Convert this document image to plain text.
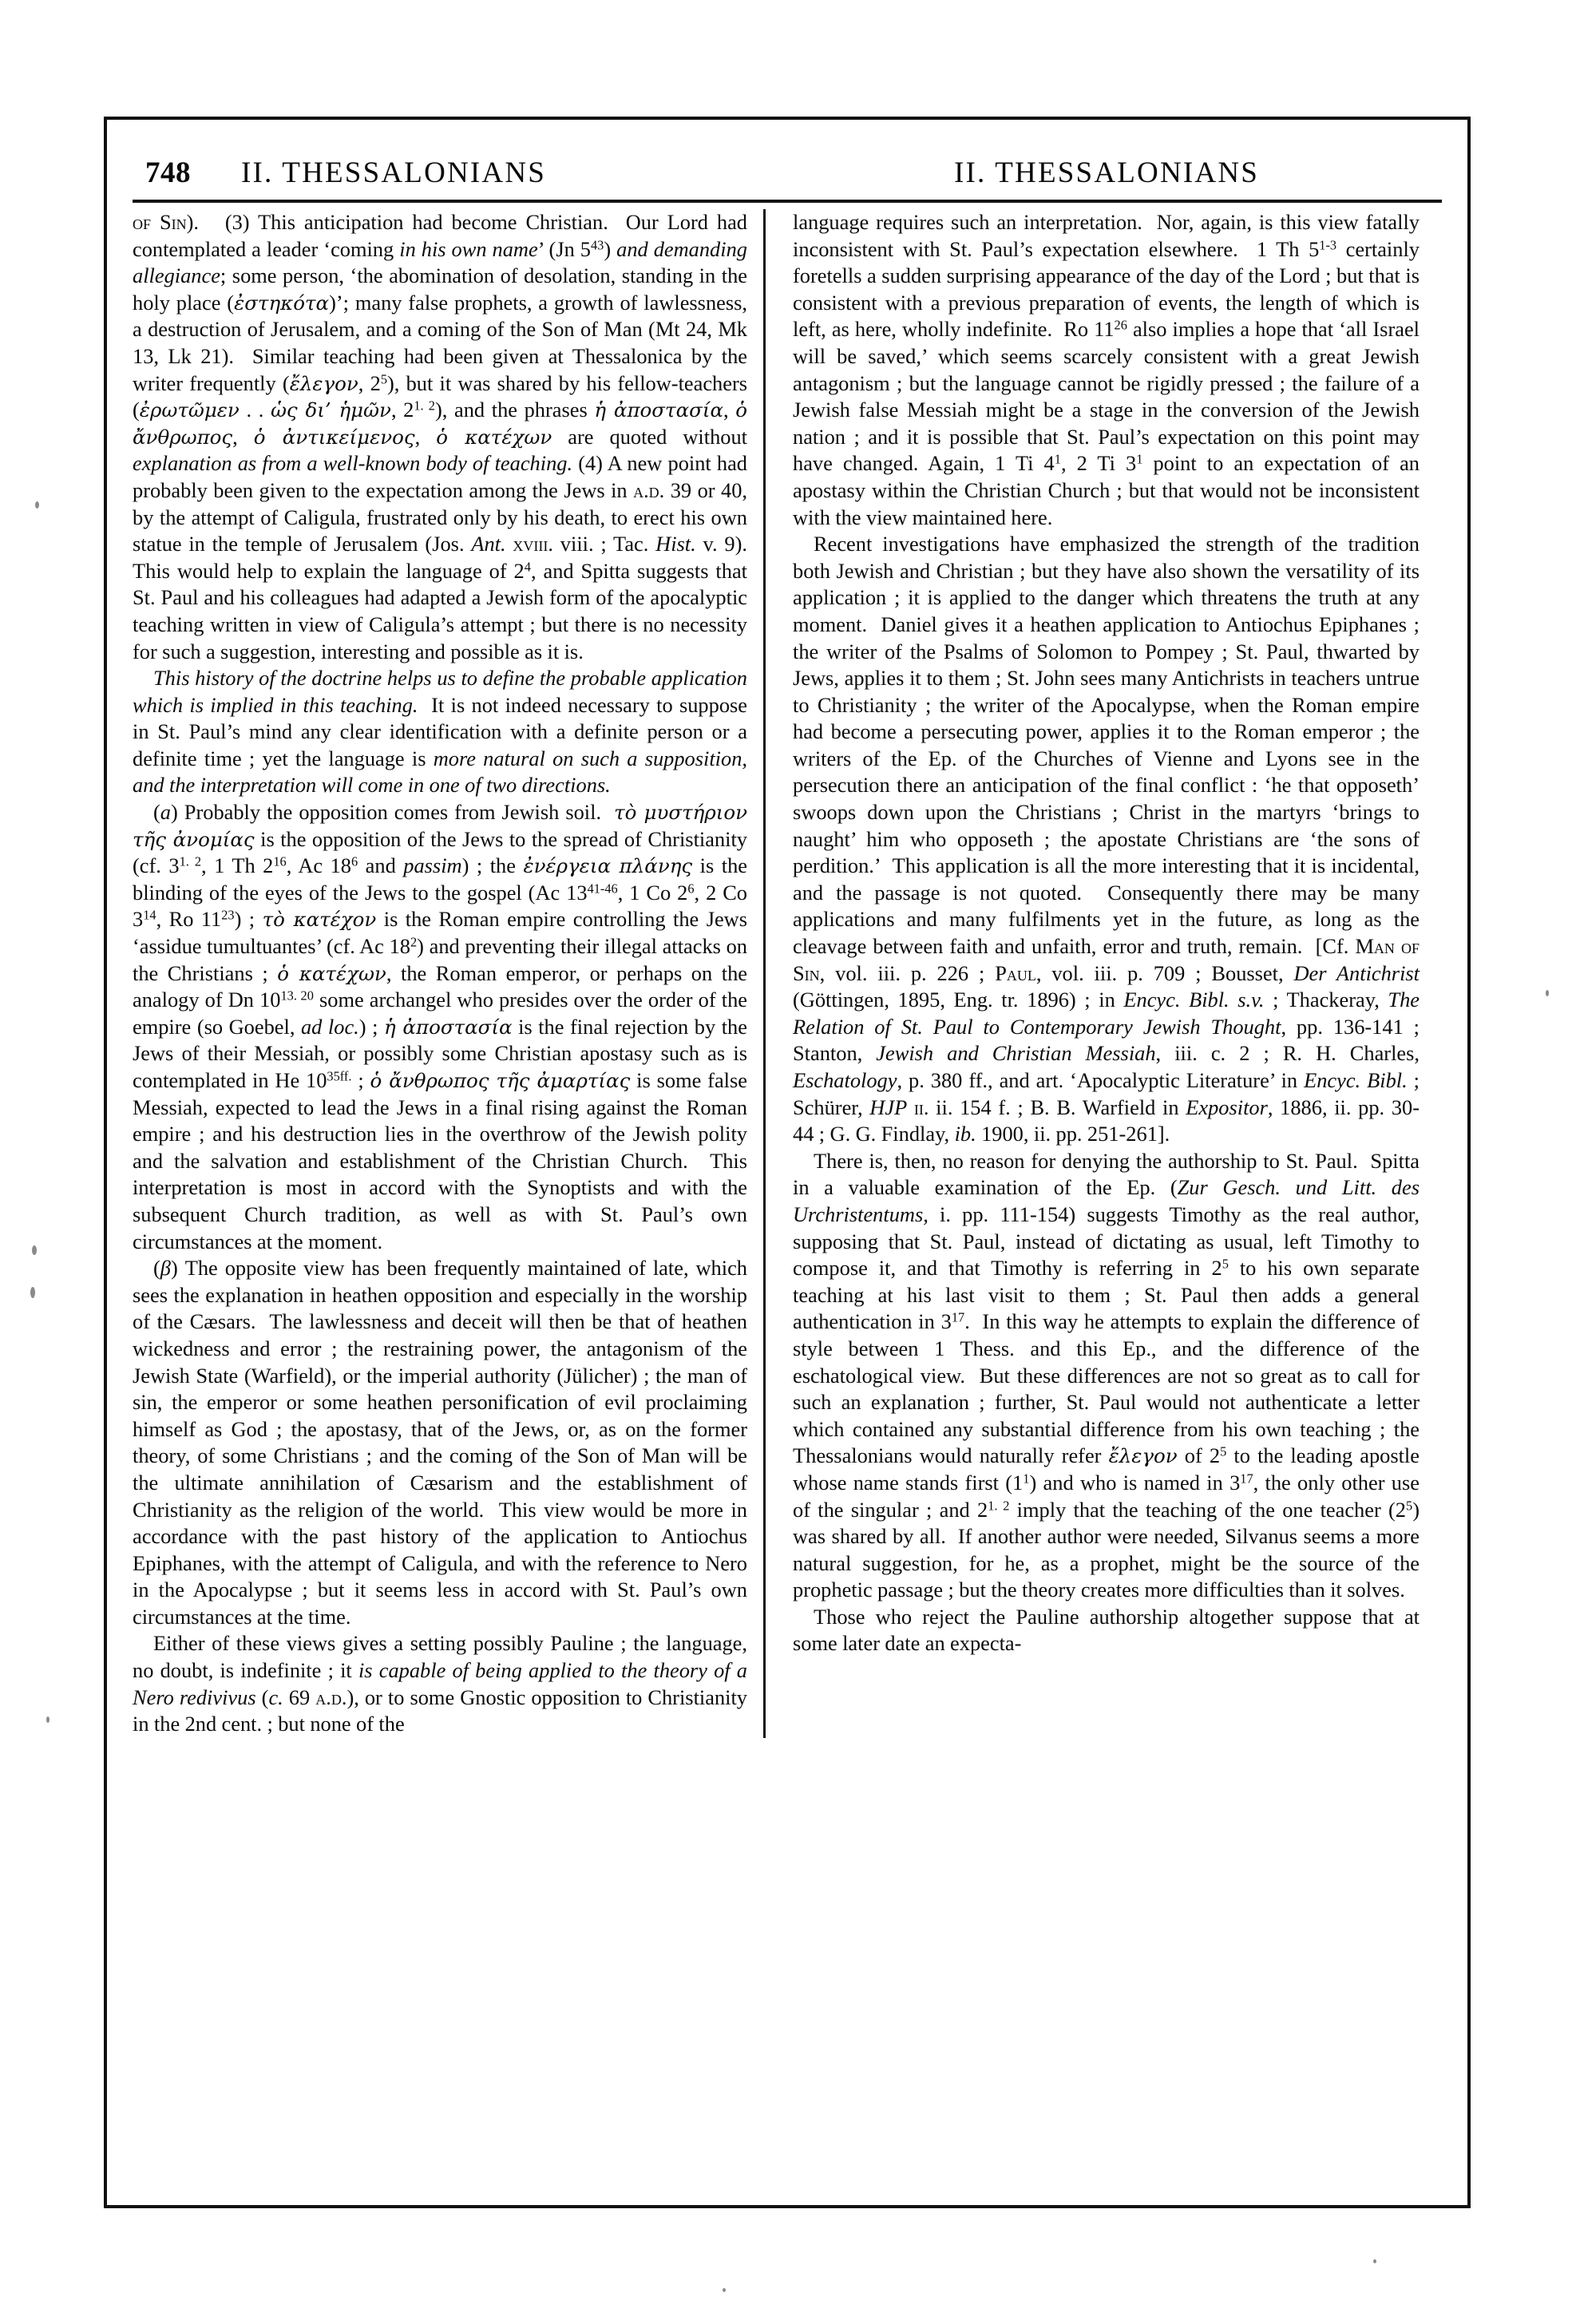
748 II. THESSALONIANS	II. THESSALONIANS

of Sin).   (3) This anticipation had become Christian.  Our Lord had contemplated a leader ‘coming in his own name’ (Jn $5^{43}$) and demanding allegiance; some person, ‘the abomination of desolation, standing in the holy place (ἐστηκότα)’; many false prophets, a growth of lawlessness, a destruction of Jerusalem, and a coming of the Son of Man (Mt 24, Mk 13, Lk 21).  Similar teaching had been given at Thessalonica by the writer frequently (ἔλεγον, $2^5$), but it was shared by his fellow-teachers (ἐρωτῶμεν . . ὡς δι’ ἡμῶν, $2^{1. 2}$), and the phrases ἡ ἀποστασία, ὁ ἄνθρωπος, ὁ ἀντικείμενος, ὁ κατέχων are quoted without explanation as from a well-known body of teaching. (4) A new point had probably been given to the expectation among the Jews in a.d. 39 or 40, by the attempt of Caligula, frustrated only by his death, to erect his own statue in the temple of Jerusalem (Jos. Ant. xviii. viii. ; Tac. Hist. v. 9). This would help to explain the language of $2^4$, and Spitta suggests that St. Paul and his colleagues had adapted a Jewish form of the apocalyptic teaching written in view of Caligula’s attempt ; but there is no necessity for such a suggestion, interesting and possible as it is.

This history of the doctrine helps us to define the probable application which is implied in this teaching.  It is not indeed necessary to suppose in St. Paul’s mind any clear identification with a definite person or a definite time ; yet the language is more natural on such a supposition, and the interpretation will come in one of two directions.

(a) Probably the opposition comes from Jewish soil.  τὸ μυστήριον τῆς ἀνομίας is the opposition of the Jews to the spread of Christianity (cf. $3^{1. 2}$, 1 Th $2^{16}$, Ac $18^6$ and passim) ; the ἐνέργεια πλάνης is the blinding of the eyes of the Jews to the gospel (Ac 13$^{41-46}$, 1 Co $2^6$, 2 Co $3^{14}$, Ro $11^{23}$) ; τὸ κατέχον is the Roman empire controlling the Jews ‘assidue tumultuantes’ (cf. Ac $18^2$) and preventing their illegal attacks on the Christians ; ὁ κατέχων, the Roman emperor, or perhaps on the analogy of Dn $10^{13. 20}$ some archangel who presides over the order of the empire (so Goebel, ad loc.) ; ἡ ἀποστασία is the final rejection by the Jews of their Messiah, or possibly some Christian apostasy such as is contemplated in He $10^{35ff.}$ ; ὁ ἄνθρωπος τῆς ἀμαρτίας is some false Messiah, expected to lead the Jews in a final rising against the Roman empire ; and his destruction lies in the overthrow of the Jewish polity and the salvation and establishment of the Christian Church.  This interpretation is most in accord with the Synoptists and with the subsequent Church tradition, as well as with St. Paul’s own circumstances at the moment.

(β) The opposite view has been frequently maintained of late, which sees the explanation in heathen opposition and especially in the worship of the Cæsars.  The lawlessness and deceit will then be that of heathen wickedness and error ; the restraining power, the antagonism of the Jewish State (Warfield), or the imperial authority (Jülicher) ; the man of sin, the emperor or some heathen personification of evil proclaiming himself as God ; the apostasy, that of the Jews, or, as on the former theory, of some Christians ; and the coming of the Son of Man will be the ultimate annihilation of Cæsarism and the establishment of Christianity as the religion of the world.  This view would be more in accordance with the past history of the application to Antiochus Epiphanes, with the attempt of Caligula, and with the reference to Nero in the Apocalypse ; but it seems less in accord with St. Paul’s own circumstances at the time.

Either of these views gives a setting possibly Pauline ; the language, no doubt, is indefinite ; it is capable of being applied to the theory of a Nero redivivus (c. 69 a.d.), or to some Gnostic opposition to Christianity in the 2nd cent. ; but none of the

language requires such an interpretation.  Nor, again, is this view fatally inconsistent with St. Paul’s expectation elsewhere.  1 Th 5$^{1-3}$ certainly foretells a sudden surprising appearance of the day of the Lord ; but that is consistent with a previous preparation of events, the length of which is left, as here, wholly indefinite.  Ro $11^{26}$ also implies a hope that ‘all Israel will be saved,’ which seems scarcely consistent with a great Jewish antagonism ; but the language cannot be rigidly pressed ; the failure of a Jewish false Messiah might be a stage in the conversion of the Jewish nation ; and it is possible that St. Paul’s expectation on this point may have changed. Again, 1 Ti $4^1$, 2 Ti $3^1$ point to an expectation of an apostasy within the Christian Church ; but that would not be inconsistent with the view maintained here.

Recent investigations have emphasized the strength of the tradition both Jewish and Christian ; but they have also shown the versatility of its application ; it is applied to the danger which threatens the truth at any moment.  Daniel gives it a heathen application to Antiochus Epiphanes ; the writer of the Psalms of Solomon to Pompey ; St. Paul, thwarted by Jews, applies it to them ; St. John sees many Antichrists in teachers untrue to Christianity ; the writer of the Apocalypse, when the Roman empire had become a persecuting power, applies it to the Roman emperor ; the writers of the Ep. of the Churches of Vienne and Lyons see in the persecution there an anticipation of the final conflict : ‘he that opposeth’ swoops down upon the Christians ; Christ in the martyrs ‘brings to naught’ him who opposeth ; the apostate Christians are ‘the sons of perdition.’  This application is all the more interesting that it is incidental, and the passage is not quoted.  Consequently there may be many applications and many fulfilments yet in the future, as long as the cleavage between faith and unfaith, error and truth, remain.  [Cf. Man of Sin, vol. iii. p. 226 ; Paul, vol. iii. p. 709 ; Bousset, Der Antichrist (Göttingen, 1895, Eng. tr. 1896) ; in Encyc. Bibl. s.v. ; Thackeray, The Relation of St. Paul to Contemporary Jewish Thought, pp. 136-141 ; Stanton, Jewish and Christian Messiah, iii. c. 2 ; R. H. Charles, Eschatology, p. 380 ff., and art. ‘Apocalyptic Literature’ in Encyc. Bibl. ; Schürer, HJP ii. ii. 154 f. ; B. B. Warfield in Expositor, 1886, ii. pp. 30-44 ; G. G. Findlay, ib. 1900, ii. pp. 251-261].

There is, then, no reason for denying the authorship to St. Paul.  Spitta in a valuable examination of the Ep. (Zur Gesch. und Litt. des Urchristentums, i. pp. 111-154) suggests Timothy as the real author, supposing that St. Paul, instead of dictating as usual, left Timothy to compose it, and that Timothy is referring in $2^5$ to his own separate teaching at his last visit to them ; St. Paul then adds a general authentication in $3^{17}$.  In this way he attempts to explain the difference of style between 1 Thess. and this Ep., and the difference of the eschatological view.  But these differences are not so great as to call for such an explanation ; further, St. Paul would not authenticate a letter which contained any substantial difference from his own teaching ; the Thessalonians would naturally refer ἔλεγον of $2^5$ to the leading apostle whose name stands first $(1^1)$ and who is named in $3^{17}$, the only other use of the singular ; and $2^{1. 2}$ imply that the teaching of the one teacher $(2^5)$ was shared by all.  If another author were needed, Silvanus seems a more natural suggestion, for he, as a prophet, might be the source of the prophetic passage ; but the theory creates more difficulties than it solves.

Those who reject the Pauline authorship altogether suppose that at some later date an expecta-
